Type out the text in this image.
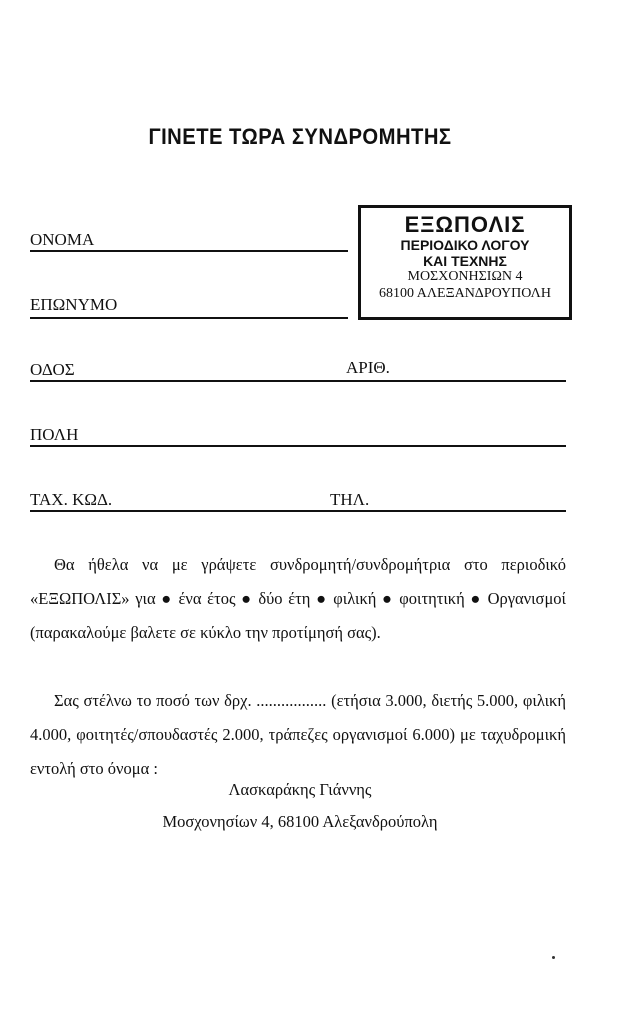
ΓΙΝΕΤΕ ΤΩΡΑ ΣΥΝΔΡΟΜΗΤΗΣ
ΕΞΩΠΟΛΙΣ
ΠΕΡΙΟΔΙΚΟ ΛΟΓΟΥ
ΚΑΙ ΤΕΧΝΗΣ
ΜΟΣΧΟΝΗΣΙΩΝ 4
68100 ΑΛΕΞΑΝΔΡΟΥΠΟΛΗ
ΟΝΟΜΑ
ΕΠΩΝΥΜΟ
ΟΔΟΣ	ΑΡΙΘ.
ΠΟΛΗ
ΤΑΧ. ΚΩΔ.	ΤΗΛ.
Θα ήθελα να με γράψετε συνδρομητή/συνδρομήτρια στο περιοδικό «ΕΞΩΠΟΛΙΣ» για ● ένα έτος ● δύο έτη ● φιλική ● φοιτητική ● Οργανισμοί (παρακαλούμε βαλετε σε κύκλο την προτίμησή σας).
Σας στέλνω το ποσό των δρχ. ................. (ετήσια 3.000, διετής 5.000, φιλική 4.000, φοιτητές/σπουδαστές 2.000, τράπεζες οργανισμοί 6.000) με ταχυδρομική εντολή στο όνομα :
Λασκαράκης Γιάννης
Μοσχονησίων 4, 68100 Αλεξανδρούπολη
